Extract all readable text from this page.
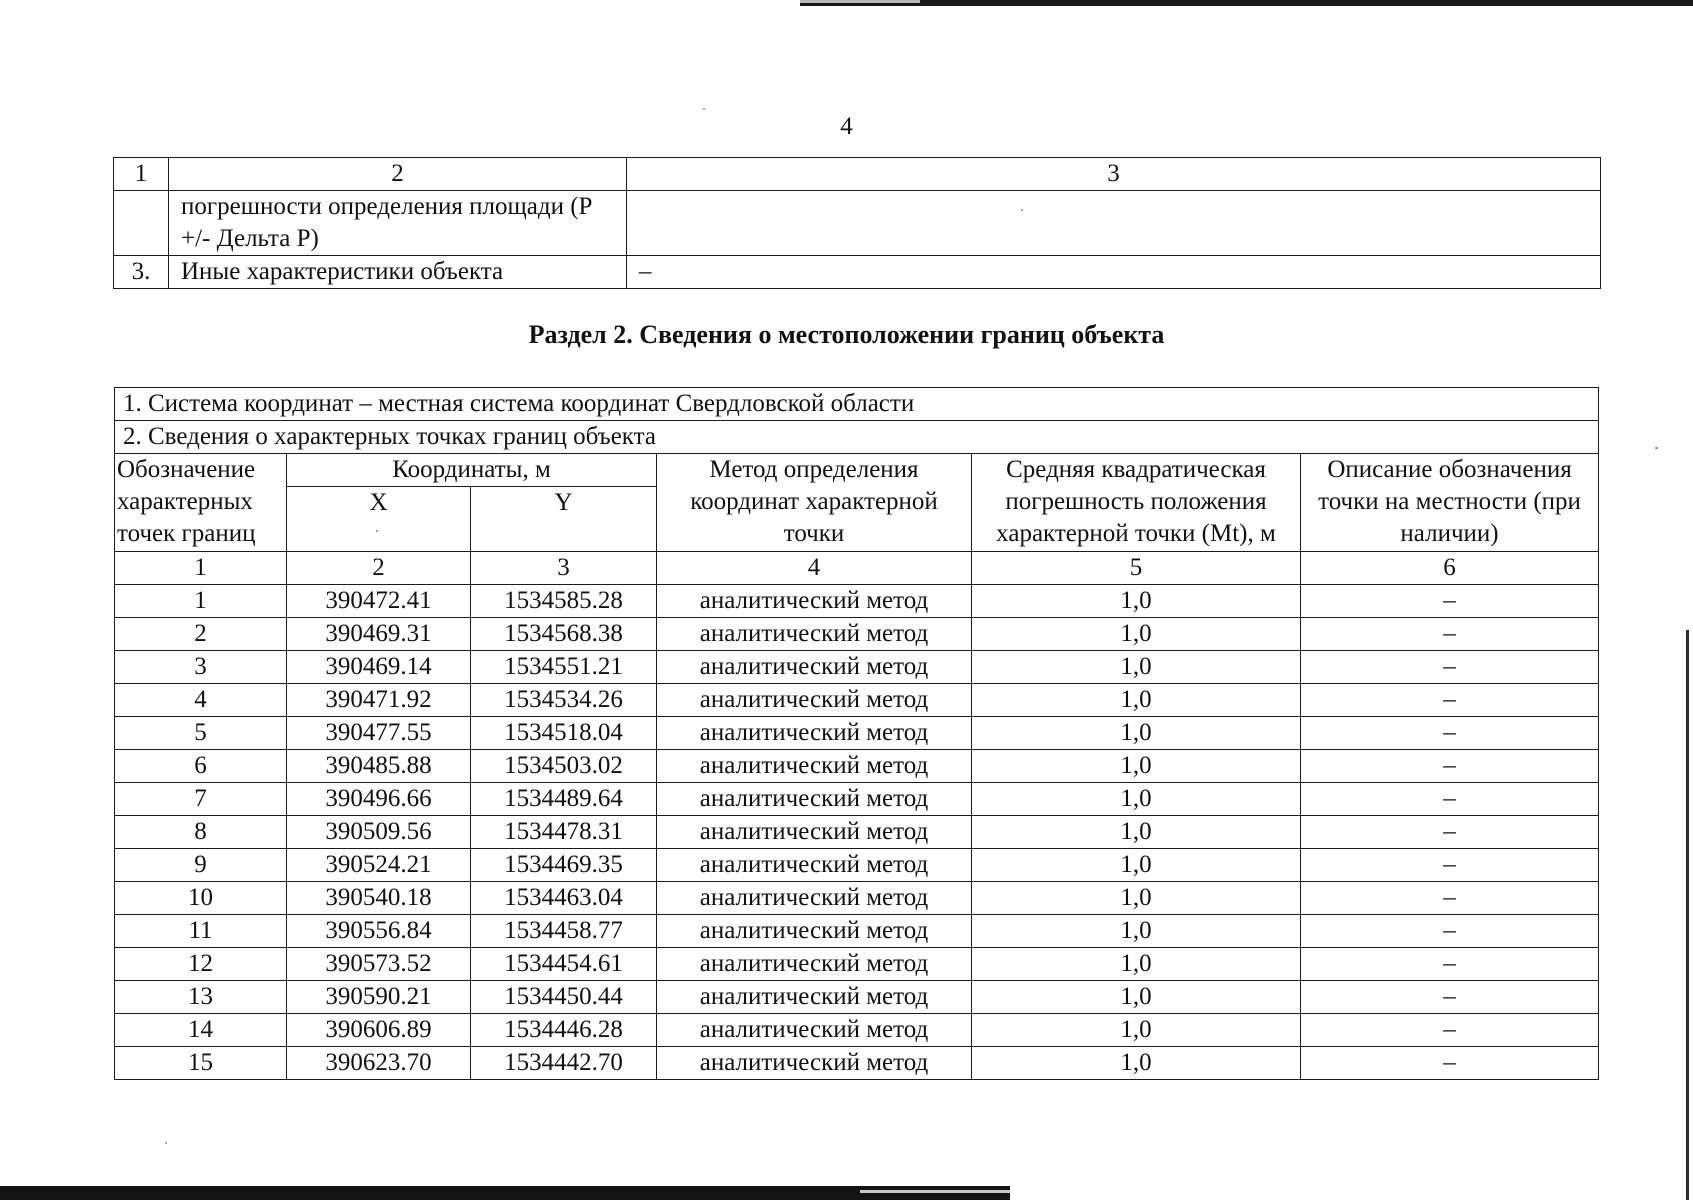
4
1	2	3
	погрешности определения площади (P +/- Дельта P)	
3.	Иные характеристики объекта	–
Раздел 2. Сведения о местоположении границ объекта
1. Система координат – местная система координат Свердловской области					
2. Сведения о характерных точках границ объекта					
Обозначение характерных точек границ	Координаты, м		Метод определения координат характерной точки	Средняя квадратическая погрешность положения характерной точки (Mt), м	Описание обозначения точки на местности (при наличии)
	X	Y			
1	2	3	4	5	6
1	390472.41	1534585.28	аналитический метод	1,0	–
2	390469.31	1534568.38	аналитический метод	1,0	–
3	390469.14	1534551.21	аналитический метод	1,0	–
4	390471.92	1534534.26	аналитический метод	1,0	–
5	390477.55	1534518.04	аналитический метод	1,0	–
6	390485.88	1534503.02	аналитический метод	1,0	–
7	390496.66	1534489.64	аналитический метод	1,0	–
8	390509.56	1534478.31	аналитический метод	1,0	–
9	390524.21	1534469.35	аналитический метод	1,0	–
10	390540.18	1534463.04	аналитический метод	1,0	–
11	390556.84	1534458.77	аналитический метод	1,0	–
12	390573.52	1534454.61	аналитический метод	1,0	–
13	390590.21	1534450.44	аналитический метод	1,0	–
14	390606.89	1534446.28	аналитический метод	1,0	–
15	390623.70	1534442.70	аналитический метод	1,0	–
